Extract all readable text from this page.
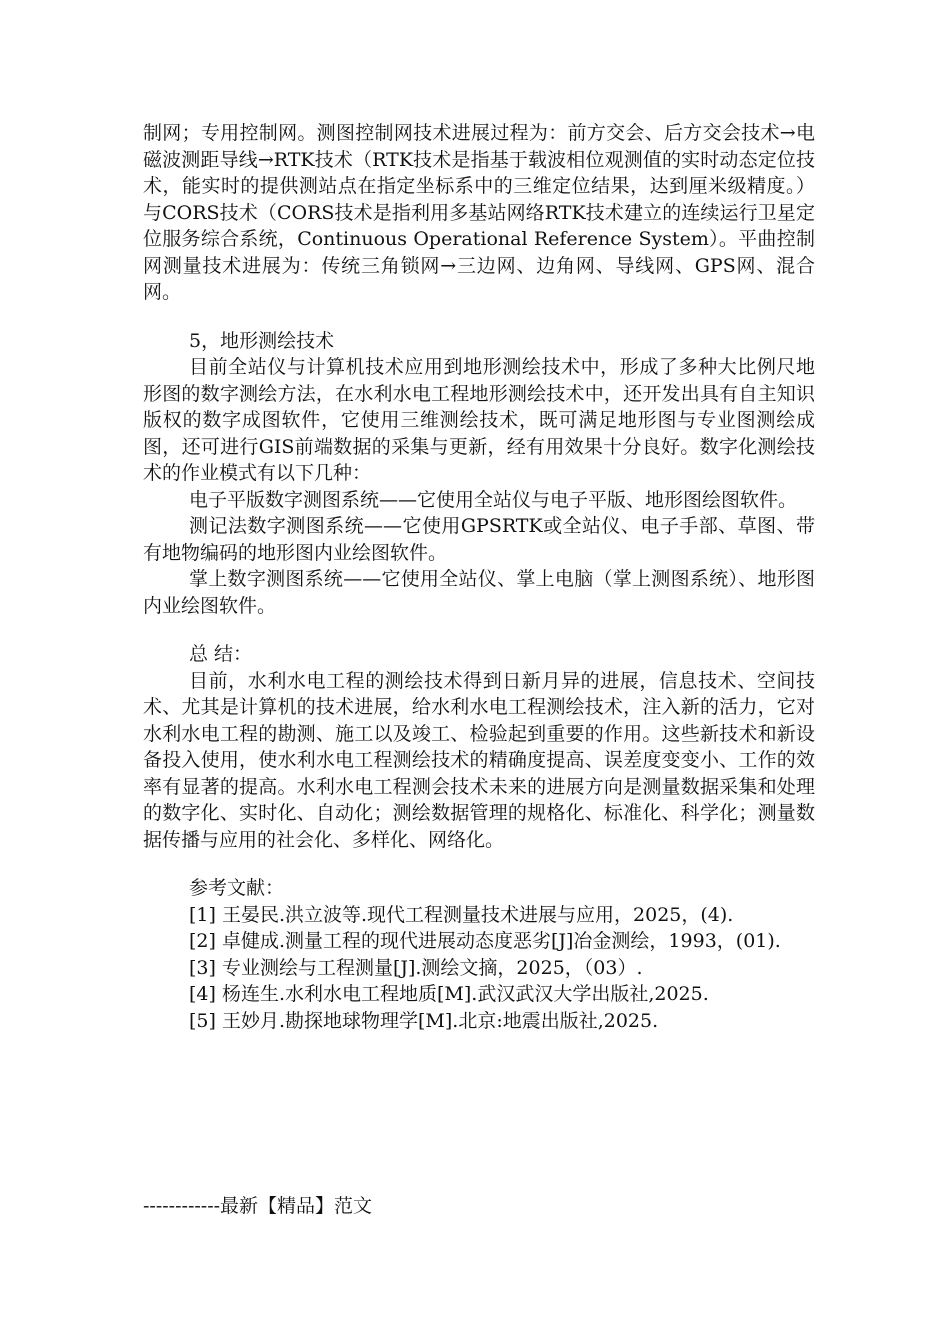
制网；专用控制网。测图控制网技术进展过程为：前方交会、后方交会技术→电磁波测距导线→RTK技术（RTK技术是指基于载波相位观测值的实时动态定位技术，能实时的提供测站点在指定坐标系中的三维定位结果，达到厘米级精度。）与CORS技术（CORS技术是指利用多基站网络RTK技术建立的连续运行卫星定位服务综合系统，Continuous Operational Reference System）。平曲控制网测量技术进展为：传统三角锁网→三边网、边角网、导线网、GPS网、混合网。

5，地形测绘技术

目前全站仪与计算机技术应用到地形测绘技术中，形成了多种大比例尺地形图的数字测绘方法，在水利水电工程地形测绘技术中，还开发出具有自主知识版权的数字成图软件，它使用三维测绘技术，既可满足地形图与专业图测绘成图，还可进行GIS前端数据的采集与更新，经有用效果十分良好。数字化测绘技术的作业模式有以下几种：

电子平版数字测图系统——它使用全站仪与电子平版、地形图绘图软件。

测记法数字测图系统——它使用GPSRTK或全站仪、电子手部、草图、带有地物编码的地形图内业绘图软件。

掌上数字测图系统——它使用全站仪、掌上电脑（掌上测图系统）、地形图内业绘图软件。

总 结：

目前，水利水电工程的测绘技术得到日新月异的进展，信息技术、空间技术、尤其是计算机的技术进展，给水利水电工程测绘技术，注入新的活力，它对水利水电工程的勘测、施工以及竣工、检验起到重要的作用。这些新技术和新设备投入使用，使水利水电工程测绘技术的精确度提高、误差度变变小、工作的效率有显著的提高。水利水电工程测会技术未来的进展方向是测量数据采集和处理的数字化、实时化、自动化；测绘数据管理的规格化、标准化、科学化；测量数据传播与应用的社会化、多样化、网络化。

参考文献：

[1] 王晏民.洪立波等.现代工程测量技术进展与应用，2025，(4).

[2] 卓健成.测量工程的现代进展动态度恶劣[J]冶金测绘，1993，(01).

[3] 专业测绘与工程测量[J].测绘文摘，2025，（03）.

[4] 杨连生.水利水电工程地质[M].武汉武汉大学出版社,2025.

[5] 王妙月.勘探地球物理学[M].北京:地震出版社,2025.

------------最新【精品】范文
